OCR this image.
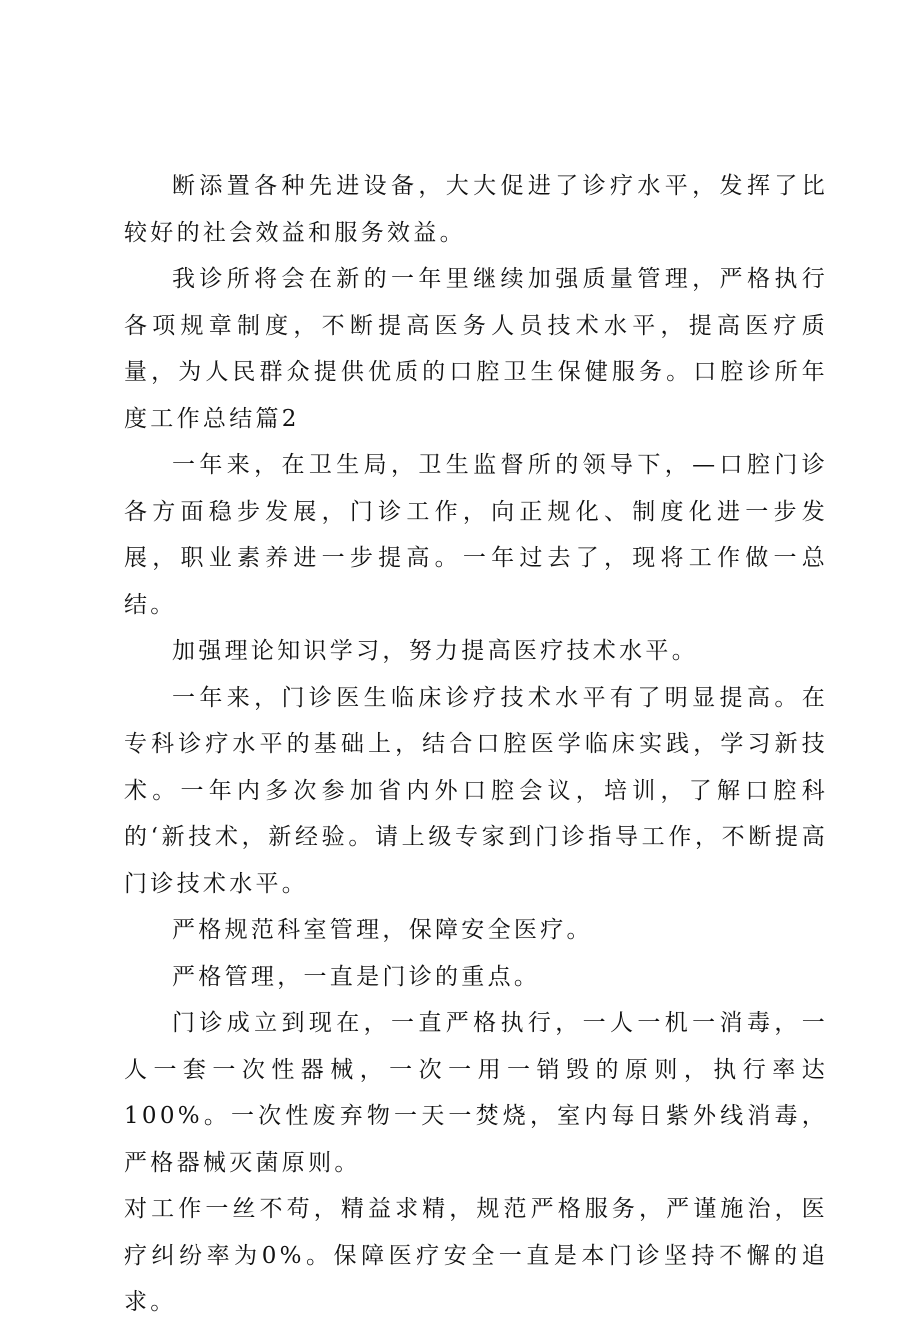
断添置各种先进设备，大大促进了诊疗水平，发挥了比较好的社会效益和服务效益。

我诊所将会在新的一年里继续加强质量管理，严格执行各项规章制度，不断提高医务人员技术水平，提高医疗质量，为人民群众提供优质的口腔卫生保健服务。口腔诊所年度工作总结篇2

一年来，在卫生局，卫生监督所的领导下，—口腔门诊各方面稳步发展，门诊工作，向正规化、制度化进一步发展，职业素养进一步提高。一年过去了，现将工作做一总结。

加强理论知识学习，努力提高医疗技术水平。

一年来，门诊医生临床诊疗技术水平有了明显提高。在专科诊疗水平的基础上，结合口腔医学临床实践，学习新技术。一年内多次参加省内外口腔会议，培训，了解口腔科的‘新技术，新经验。请上级专家到门诊指导工作，不断提高门诊技术水平。

严格规范科室管理，保障安全医疗。

严格管理，一直是门诊的重点。

门诊成立到现在，一直严格执行，一人一机一消毒，一人一套一次性器械，一次一用一销毁的原则，执行率达100%。一次性废弃物一天一焚烧，室内每日紫外线消毒，严格器械灭菌原则。

对工作一丝不苟，精益求精，规范严格服务，严谨施治，医疗纠纷率为0%。保障医疗安全一直是本门诊坚持不懈的追求。
